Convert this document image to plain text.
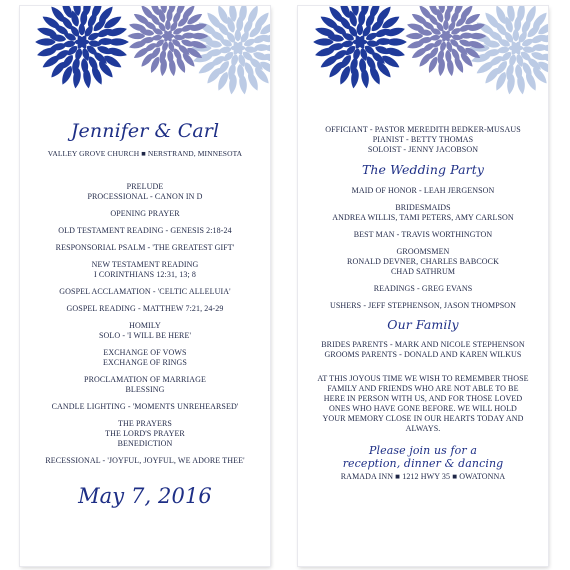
Jennifer & Carl
VALLEY GROVE CHURCH ■ NERSTRAND, MINNESOTA
PRELUDE
PROCESSIONAL - CANON IN D
OPENING PRAYER
OLD TESTAMENT READING - GENESIS 2:18-24
RESPONSORIAL PSALM - 'THE GREATEST GIFT'
NEW TESTAMENT READING
I CORINTHIANS 12:31, 13; 8
GOSPEL ACCLAMATION - 'CELTIC ALLELUIA'
GOSPEL READING - MATTHEW 7:21, 24-29
HOMILY
SOLO - 'I WILL BE HERE'
EXCHANGE OF VOWS
EXCHANGE OF RINGS
PROCLAMATION OF MARRIAGE
BLESSING
CANDLE LIGHTING - 'MOMENTS UNREHEARSED'
THE PRAYERS
THE LORD'S PRAYER
BENEDICTION
RECESSIONAL - 'JOYFUL, JOYFUL, WE ADORE THEE'
May 7, 2016
OFFICIANT - PASTOR MEREDITH BEDKER-MUSAUS
PIANIST - BETTY THOMAS
SOLOIST - JENNY JACOBSON
The Wedding Party
MAID OF HONOR - LEAH JERGENSON
BRIDESMAIDS
ANDREA WILLIS, TAMI PETERS, AMY CARLSON
BEST MAN - TRAVIS WORTHINGTON
GROOMSMEN
RONALD DEVNER, CHARLES BABCOCK
CHAD SATHRUM
READINGS - GREG EVANS
USHERS - JEFF STEPHENSON, JASON THOMPSON
Our Family
BRIDES PARENTS - MARK AND NICOLE STEPHENSON
GROOMS PARENTS - DONALD AND KAREN WILKUS
AT THIS JOYOUS TIME WE WISH TO REMEMBER THOSE
FAMILY AND FRIENDS WHO ARE NOT ABLE TO BE
HERE IN PERSON WITH US, AND FOR THOSE LOVED
ONES WHO HAVE GONE BEFORE. WE WILL HOLD
YOUR MEMORY CLOSE IN OUR HEARTS TODAY AND
ALWAYS.
Please join us for a
reception, dinner & dancing
RAMADA INN ■ 1212 HWY 35 ■ OWATONNA
